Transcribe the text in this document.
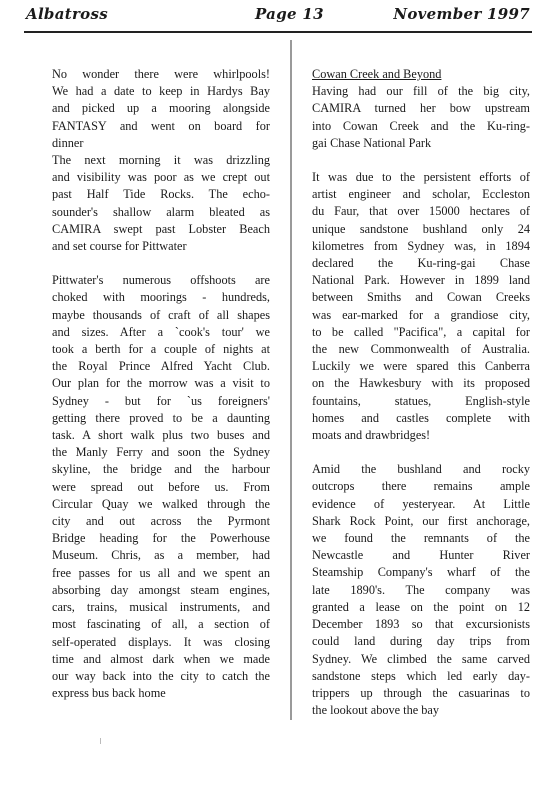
Albatross	Page 13	November 1997
No wonder there were whirlpools!
We had a date to keep in Hardys Bay
and picked up a mooring alongside
FANTASY and went on board for
dinner
The next morning it was drizzling
and visibility was poor as we crept out
past Half Tide Rocks. The echo-
sounder's shallow alarm bleated as
CAMIRA swept past Lobster Beach
and set course for Pittwater
Pittwater's numerous offshoots are
choked with moorings - hundreds,
maybe thousands of craft of all shapes
and sizes. After a `cook's tour' we
took a berth for a couple of nights at
the Royal Prince Alfred Yacht Club.
Our plan for the morrow was a visit to
Sydney - but for `us foreigners'
getting there proved to be a daunting
task. A short walk plus two buses and
the Manly Ferry and soon the Sydney
skyline, the bridge and the harbour
were spread out before us. From
Circular Quay we walked through the
city and out across the Pyrmont
Bridge heading for the Powerhouse
Museum. Chris, as a member, had
free passes for us all and we spent an
absorbing day amongst steam engines,
cars, trains, musical instruments, and
most fascinating of all, a section of
self-operated displays. It was closing
time and almost dark when we made
our way back into the city to catch the
express bus back home
Cowan Creek and Beyond
Having had our fill of the big city,
CAMIRA turned her bow upstream
into Cowan Creek and the Ku-ring-
gai Chase National Park
It was due to the persistent efforts of
artist engineer and scholar, Eccleston
du Faur, that over 15000 hectares of
unique sandstone bushland only 24
kilometres from Sydney was, in 1894
declared the Ku-ring-gai Chase
National Park. However in 1899 land
between Smiths and Cowan Creeks
was ear-marked for a grandiose city,
to be called "Pacifica", a capital for
the new Commonwealth of Australia.
Luckily we were spared this Canberra
on the Hawkesbury with its proposed
fountains, statues, English-style
homes and castles complete with
moats and drawbridges!
Amid the bushland and rocky
outcrops there remains ample
evidence of yesteryear. At Little
Shark Rock Point, our first anchorage,
we found the remnants of the
Newcastle and Hunter River
Steamship Company's wharf of the
late 1890's. The company was
granted a lease on the point on 12
December 1893 so that excursionists
could land during day trips from
Sydney. We climbed the same carved
sandstone steps which led early day-
trippers up through the casuarinas to
the lookout above the bay
